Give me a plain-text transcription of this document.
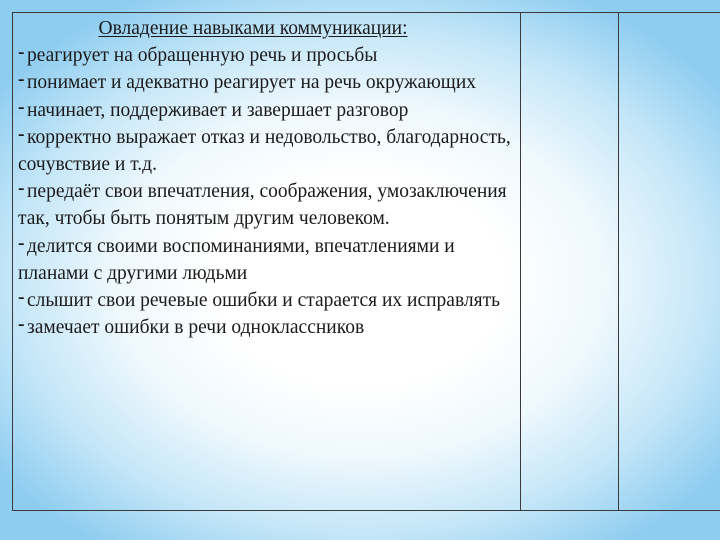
Овладение навыками коммуникации:

- реагирует на обращенную речь и просьбы

- понимает и адекватно реагирует на речь окружающих

- начинает, поддерживает и завершает разговор

- корректно выражает отказ и недовольство, благодарность, сочувствие и т.д.

- передаёт свои впечатления, соображения, умозаключения так, чтобы быть понятым другим человеком.

- делится своими воспоминаниями, впечатлениями и планами с другими людьми

- слышит свои речевые ошибки и старается их исправлять

- замечает ошибки в речи одноклассников
